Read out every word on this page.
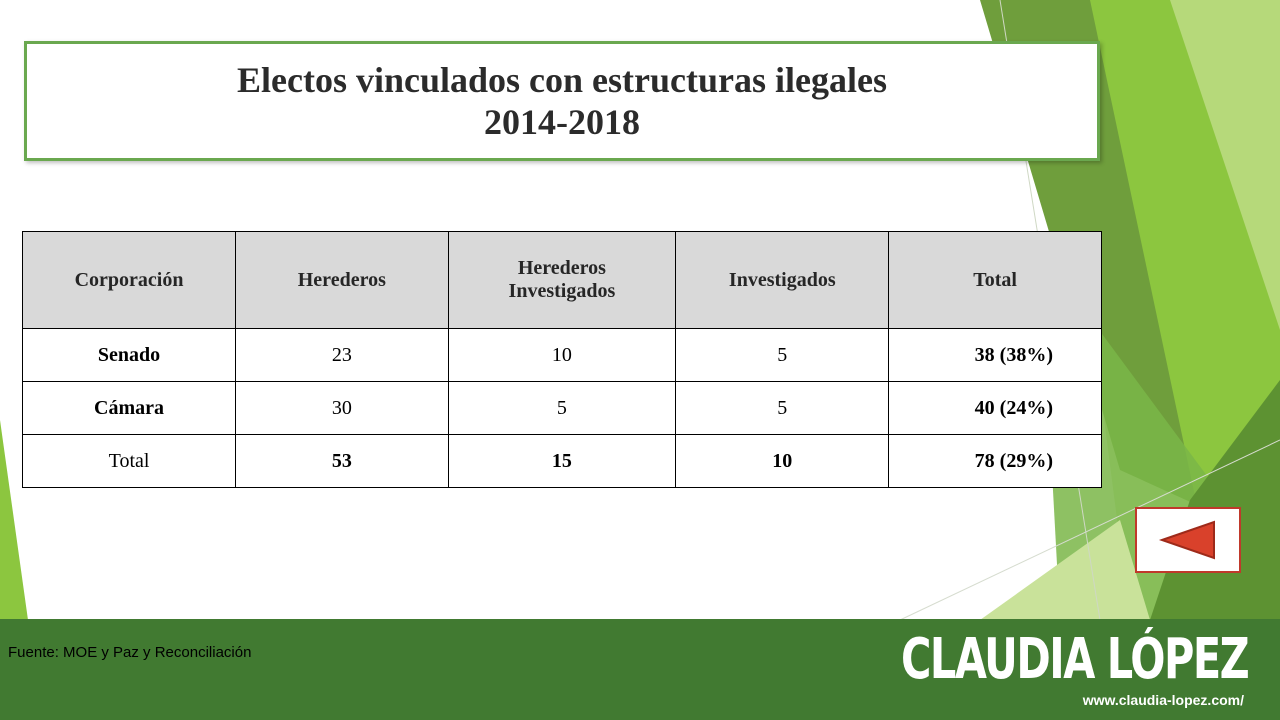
Electos vinculados con estructuras ilegales
2014-2018
Corporación	Herederos	Herederos Investigados	Investigados	Total
Senado	23	10	5	38 (38%)
Cámara	30	5	5	40 (24%)
Total	53	15	10	78 (29%)
Fuente: MOE y Paz y Reconciliación	CLAUDIA LÓPEZ
www.claudia-lopez.com/
